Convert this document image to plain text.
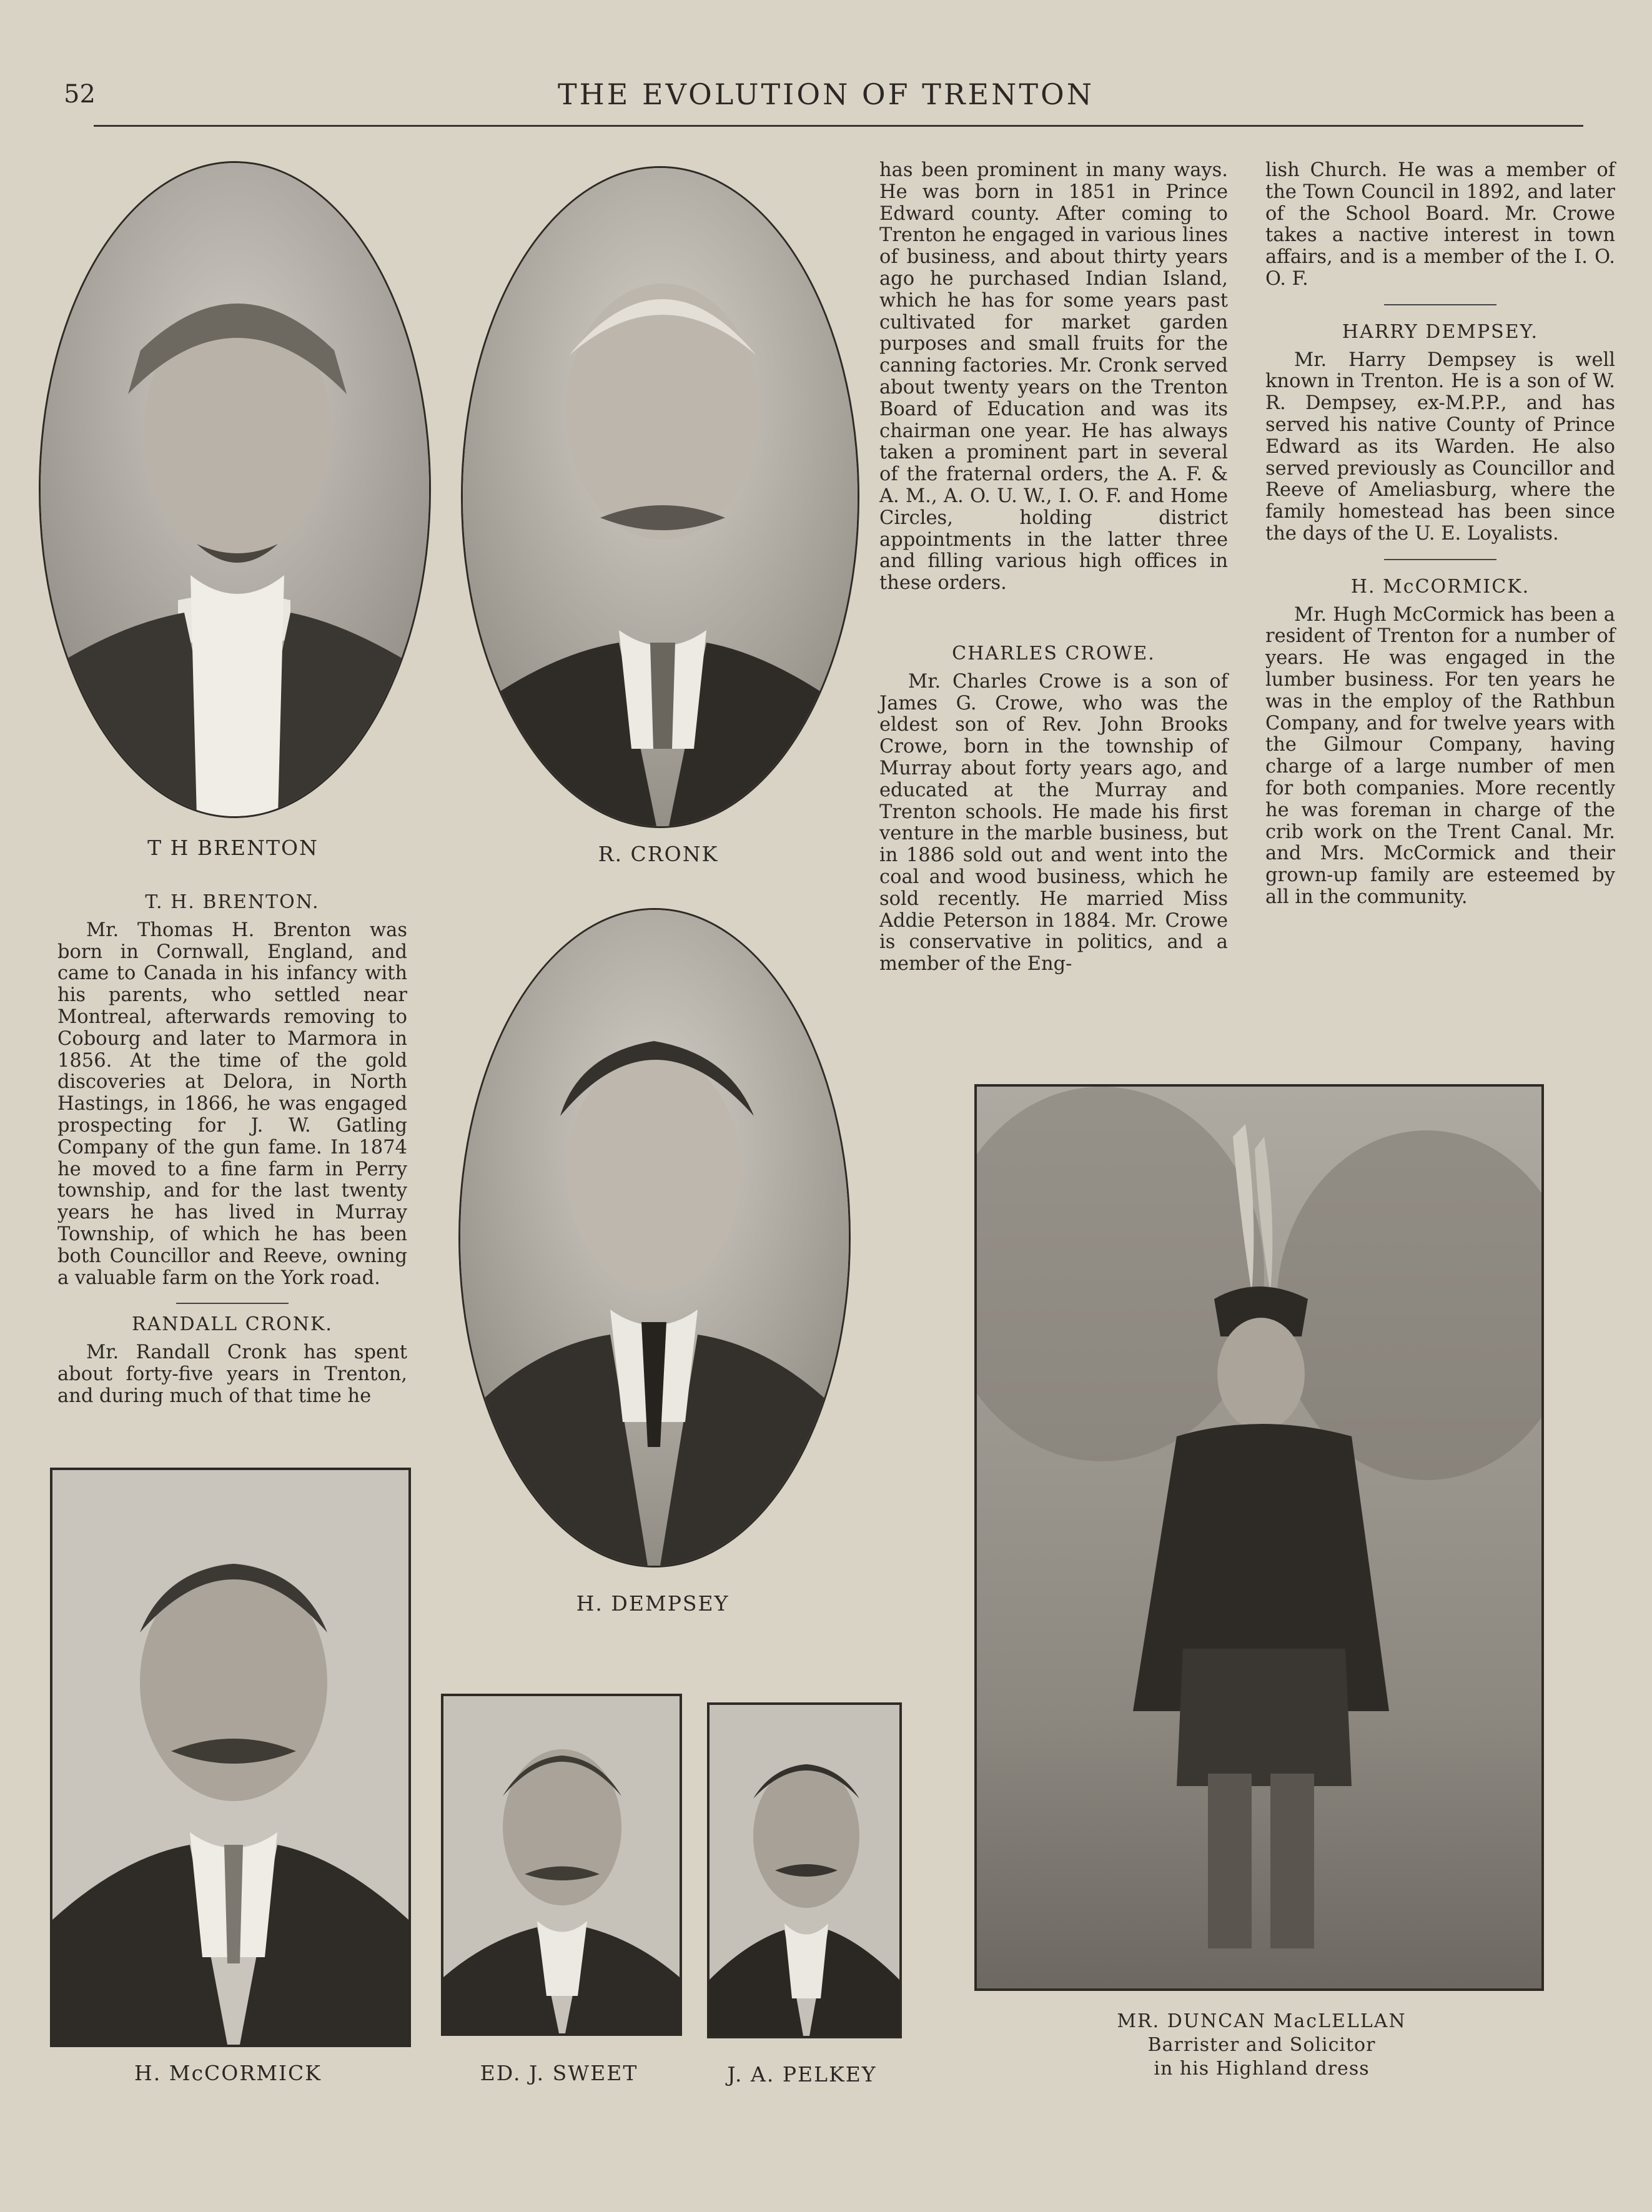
52	THE EVOLUTION OF TRENTON
T H BRENTON	R. CRONK
T. H. BRENTON.

Mr. Thomas H. Brenton was born in Cornwall, England, and came to Canada in his infancy with his parents, who settled near Montreal, afterwards removing to Cobourg and later to Marmora in 1856. At the time of the gold discoveries at Delora, in North Hastings, in 1866, he was engaged prospecting for J. W. Gatling Company of the gun fame. In 1874 he moved to a fine farm in Perry township, and for the last twenty years he has lived in Murray Township, of which he has been both Councillor and Reeve, owning a valuable farm on the York road.

RANDALL CRONK.

Mr. Randall Cronk has spent about forty-five years in Trenton, and during much of that time he

has been prominent in many ways. He was born in 1851 in Prince Edward county. After coming to Trenton he engaged in various lines of business, and about thirty years ago he purchased Indian Island, which he has for some years past cultivated for market garden purposes and small fruits for the canning factories. Mr. Cronk served about twenty years on the Trenton Board of Education and was its chairman one year. He has always taken a prominent part in several of the fraternal orders, the A. F. & A. M., A. O. U. W., I. O. F. and Home Circles, holding district appointments in the latter three and filling various high offices in these orders.

CHARLES CROWE.

Mr. Charles Crowe is a son of James G. Crowe, who was the eldest son of Rev. John Brooks Crowe, born in the township of Murray about forty years ago, and educated at the Murray and Trenton schools. He made his first venture in the marble business, but in 1886 sold out and went into the coal and wood business, which he sold recently. He married Miss Addie Peterson in 1884. Mr. Crowe is conservative in politics, and a member of the Eng-

lish Church. He was a member of the Town Council in 1892, and later of the School Board. Mr. Crowe takes a nactive interest in town affairs, and is a member of the I. O. O. F.

HARRY DEMPSEY.

Mr. Harry Dempsey is well known in Trenton. He is a son of W. R. Dempsey, ex-M.P.P., and has served his native County of Prince Edward as its Warden. He also served previously as Councillor and Reeve of Ameliasburg, where the family homestead has been since the days of the U. E. Loyalists.

H. McCORMICK.

Mr. Hugh McCormick has been a resident of Trenton for a number of years. He was engaged in the lumber business. For ten years he was in the employ of the Rathbun Company, and for twelve years with the Gilmour Company, having charge of a large number of men for both companies. More recently he was foreman in charge of the crib work on the Trent Canal. Mr. and Mrs. McCormick and their grown-up family are esteemed by all in the community.

H. DEMPSEY
H. McCORMICK	ED. J. SWEET	J. A. PELKEY
MR. DUNCAN MacLELLAN
Barrister and Solicitor
in his Highland dress
